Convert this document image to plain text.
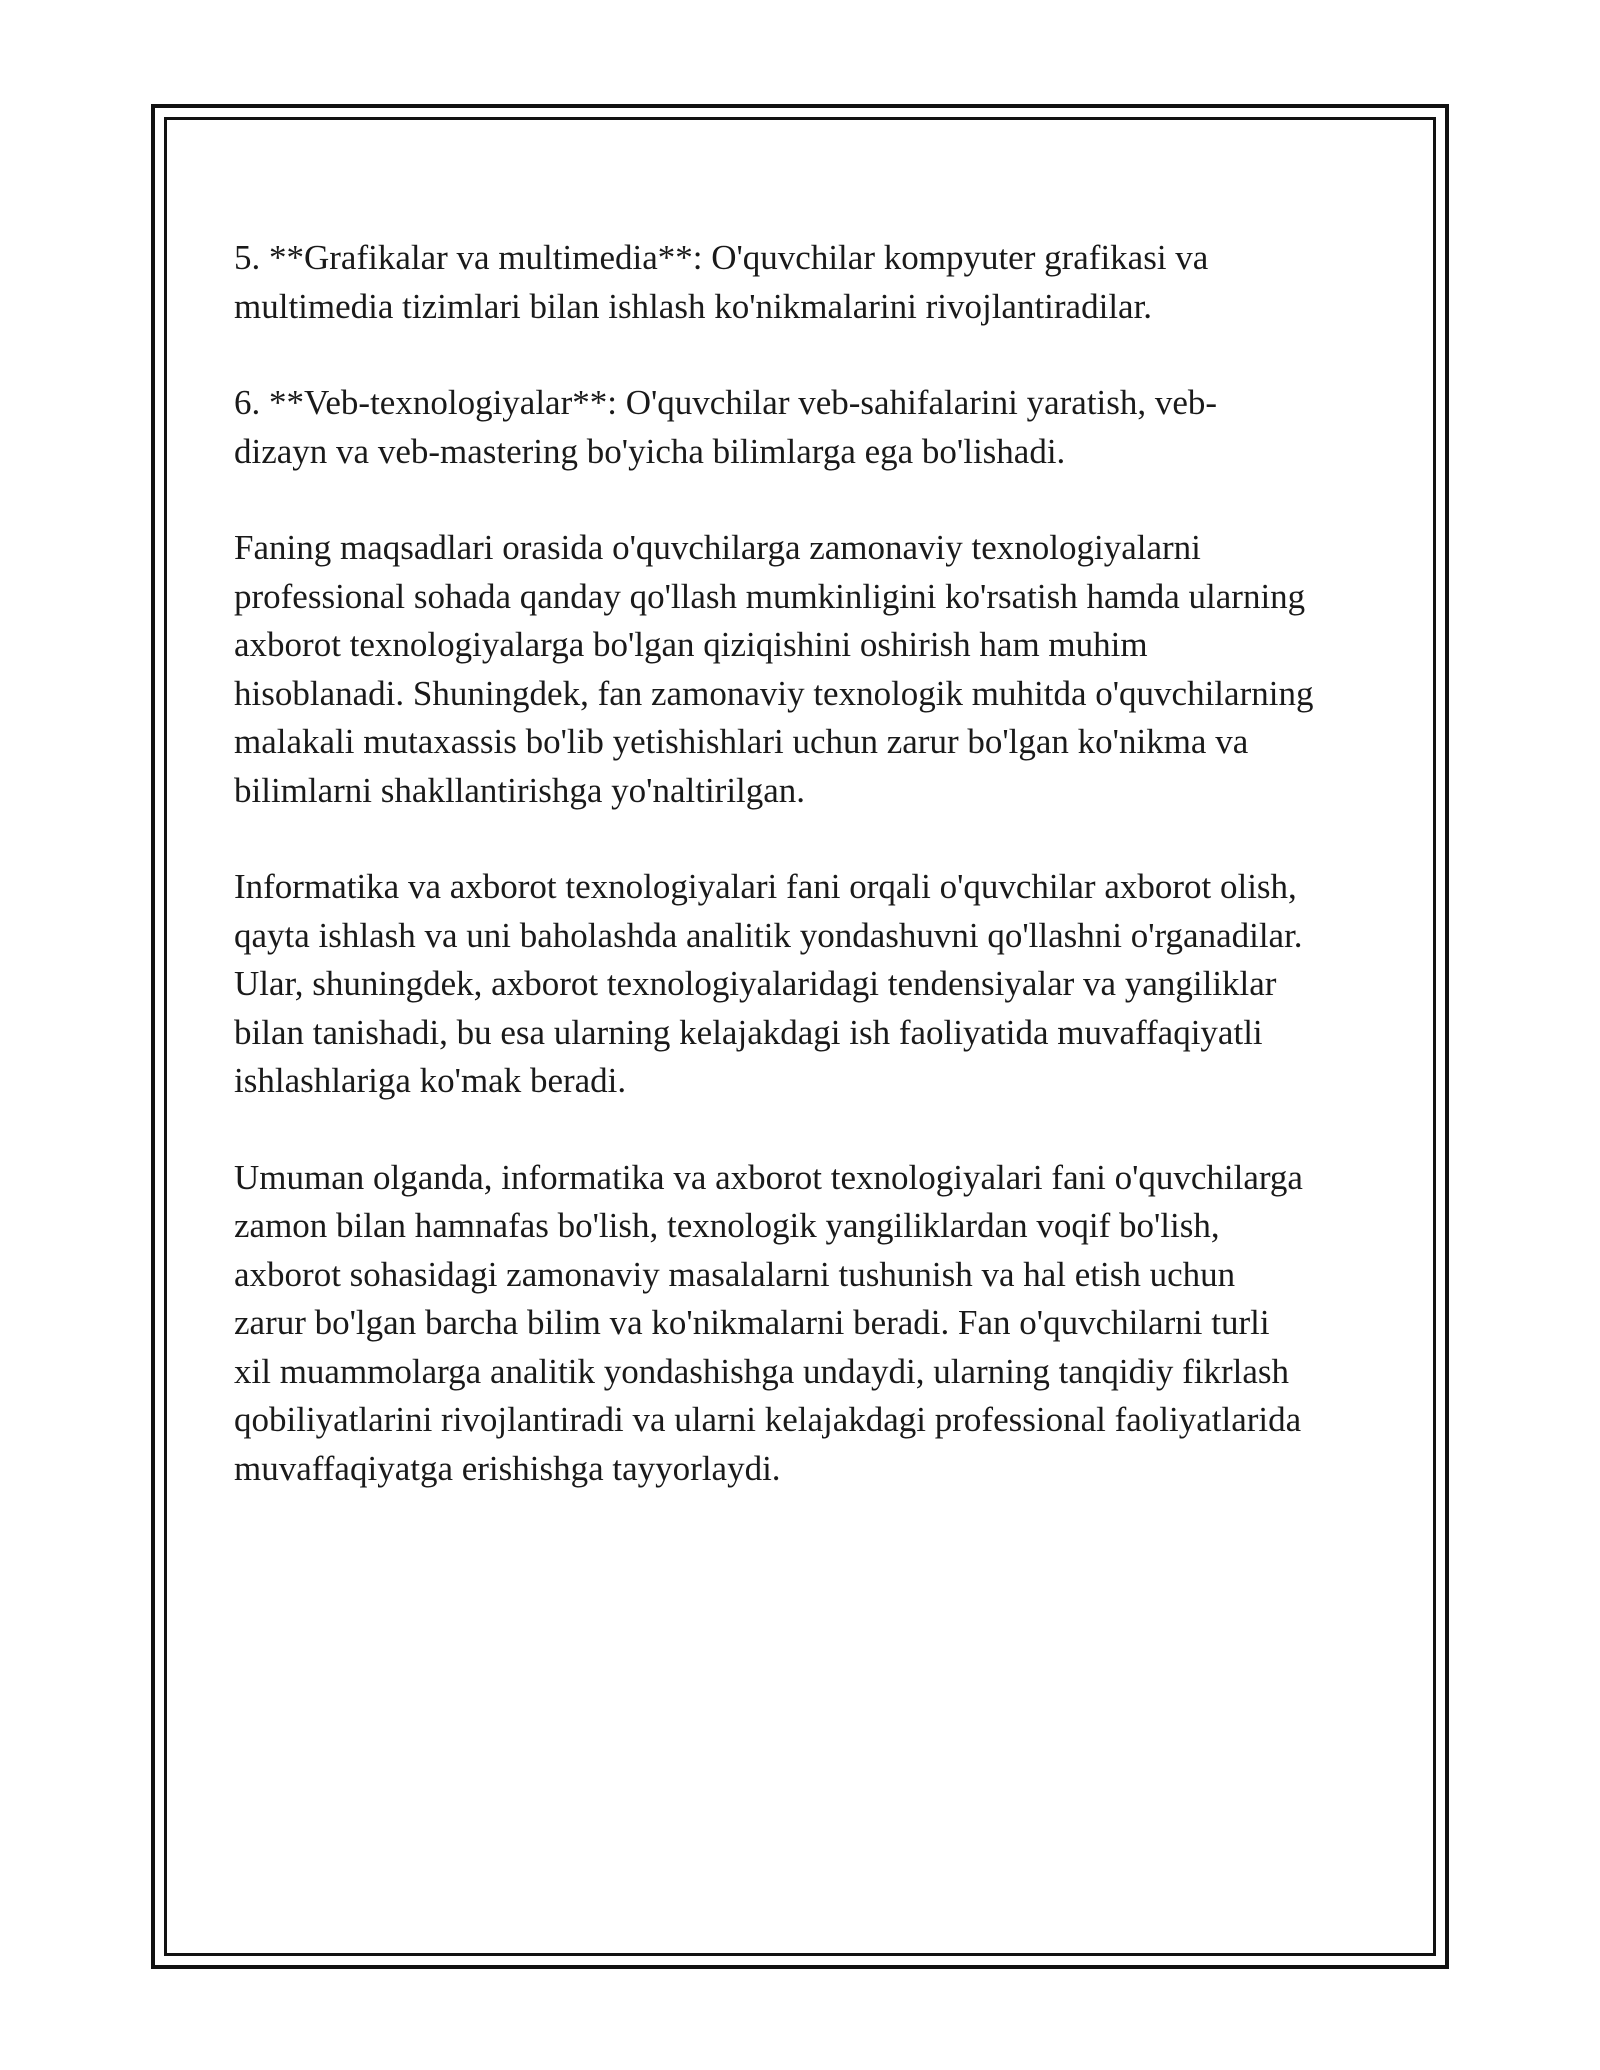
5. **Grafikalar va multimedia**: O'quvchilar kompyuter grafikasi va
multimedia tizimlari bilan ishlash ko'nikmalarini rivojlantiradilar.

6. **Veb-texnologiyalar**: O'quvchilar veb-sahifalarini yaratish, veb-
dizayn va veb-mastering bo'yicha bilimlarga ega bo'lishadi.

Faning maqsadlari orasida o'quvchilarga zamonaviy texnologiyalarni
professional sohada qanday qo'llash mumkinligini ko'rsatish hamda ularning
axborot texnologiyalarga bo'lgan qiziqishini oshirish ham muhim
hisoblanadi. Shuningdek, fan zamonaviy texnologik muhitda o'quvchilarning
malakali mutaxassis bo'lib yetishishlari uchun zarur bo'lgan ko'nikma va
bilimlarni shakllantirishga yo'naltirilgan.

Informatika va axborot texnologiyalari fani orqali o'quvchilar axborot olish,
qayta ishlash va uni baholashda analitik yondashuvni qo'llashni o'rganadilar.
Ular, shuningdek, axborot texnologiyalaridagi tendensiyalar va yangiliklar
bilan tanishadi, bu esa ularning kelajakdagi ish faoliyatida muvaffaqiyatli
ishlashlariga ko'mak beradi.

Umuman olganda, informatika va axborot texnologiyalari fani o'quvchilarga
zamon bilan hamnafas bo'lish, texnologik yangiliklardan voqif bo'lish,
axborot sohasidagi zamonaviy masalalarni tushunish va hal etish uchun
zarur bo'lgan barcha bilim va ko'nikmalarni beradi. Fan o'quvchilarni turli
xil muammolarga analitik yondashishga undaydi, ularning tanqidiy fikrlash
qobiliyatlarini rivojlantiradi va ularni kelajakdagi professional faoliyatlarida
muvaffaqiyatga erishishga tayyorlaydi.
